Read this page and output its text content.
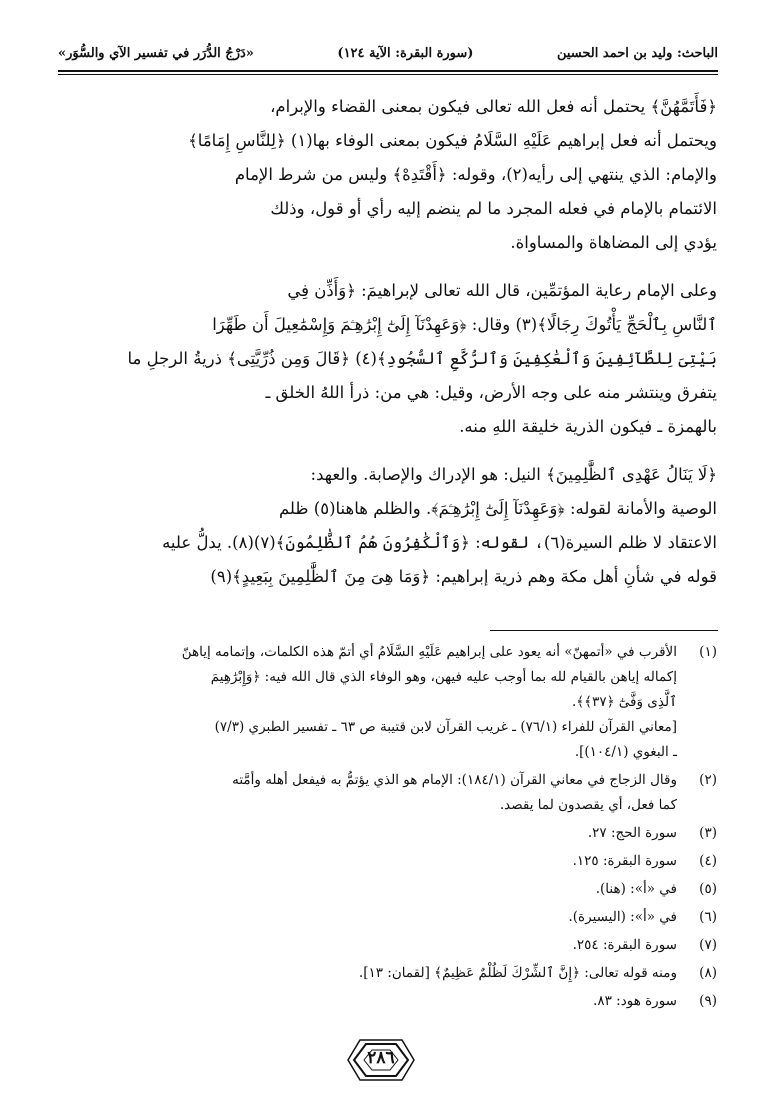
الباحث: وليد بن احمد الحسين
(سورة البقرة: الآية ١٢٤)
«دَرْجُ الدُّرَر في تفسير الآي والسُّوَر»

﴿فَأَتَمَّهُنَّ﴾ يحتمل أنه فعل الله تعالى فيكون بمعنى القضاء والإبرام،

ويحتمل أنه فعل إبراهيم عَلَيْهِ السَّلَامُ فيكون بمعنى الوفاء بها(١) ﴿لِلنَّاسِ إِمَامًا﴾

والإمام: الذي ينتهي إلى رأيه(٢)، وقوله: ﴿أَقْتَدِهْ﴾ وليس من شرط الإمام

الائتمام بالإمام في فعله المجرد ما لم ينضم إليه رأي أو قول، وذلك

يؤدي إلى المضاهاة والمساواة.

وعلى الإمام رعاية المؤتمِّين، قال الله تعالى لإبراهيمَ: ﴿وَأَذِّن فِي

ٱلنَّاسِ بِٱلْحَجِّ يَأْتُوكَ رِجَالًا﴾(٣) وقال: ﴿وَعَهِدْنَآ إِلَىٰٓ إِبْرَٰهِـۧمَ وَإِسْمَٰعِيلَ أَن طَهِّرَا

بَيْتِىَ لِلطَّآئِفِينَ وَٱلْعَٰكِفِينَ وَٱلرُّكَّعِ ٱلسُّجُودِ﴾(٤) ﴿قَالَ وَمِن ذُرِّيَّتِى﴾ ذريةُ الرجلِ ما

يتفرق وينتشر منه على وجه الأرض، وقيل: هي من: ذرأ اللهُ الخلق ـ

بالهمزة ـ فيكون الذرية خليقة اللهِ منه.

﴿لَا يَنَالُ عَهْدِى ٱلظَّٰلِمِينَ﴾ النيل: هو الإدراك والإصابة. والعهد:

الوصية والأمانة لقوله: ﴿وَعَهِدْنَآ إِلَىٰٓ إِبْرَٰهِـۧمَ﴾. والظلم هاهنا(٥) ظلم

الاعتقاد لا ظلم السيرة(٦)، لقوله: ﴿وَٱلْكَٰفِرُونَ هُمُ ٱلظَّٰلِمُونَ﴾(٧)(٨). يدلُّ عليه

قوله في شأنِ أهل مكة وهم ذرية إبراهيم: ﴿وَمَا هِىَ مِنَ ٱلظَّٰلِمِينَ بِبَعِيدٍ﴾(٩)

(١)

الأقرب في «أتمهنّ» أنه يعود على إبراهيم عَلَيْهِ السَّلَامُ أي أتمّ هذه الكلمات، وإتمامه إياهنّ

إكماله إياهن بالقيام لله بما أوجب عليه فيهن، وهو الوفاء الذي قال الله فيه: ﴿وَإِبْرَٰهِيمَ

ٱلَّذِى وَفَّىٰٓ ﴿٣٧﴾﴾.

[معاني القرآن للفراء (٧٦/١) ـ غريب القرآن لابن قتيبة ص ٦٣ ـ تفسير الطبري (٧/٣)

ـ البغوي (١٠٤/١)].

(٢)

وقال الزجاج في معاني القرآن (١٨٤/١): الإمام هو الذي يؤتمُّ به فيفعل أهله وأمَّته

كما فعل، أي يقصدون لما يقصد.

(٣)

سورة الحج: ٢٧.

(٤)

سورة البقرة: ١٢٥.

(٥)

في «أ»: (هنا).

(٦)

في «أ»: (اليسيرة).

(٧)

سورة البقرة: ٢٥٤.

(٨)

ومنه قوله تعالى: ﴿إِنَّ ٱلشِّرْكَ لَظُلْمٌ عَظِيمٌ﴾ [لقمان: ١٣].

(٩)

سورة هود: ٨٣.

٢٨٦
